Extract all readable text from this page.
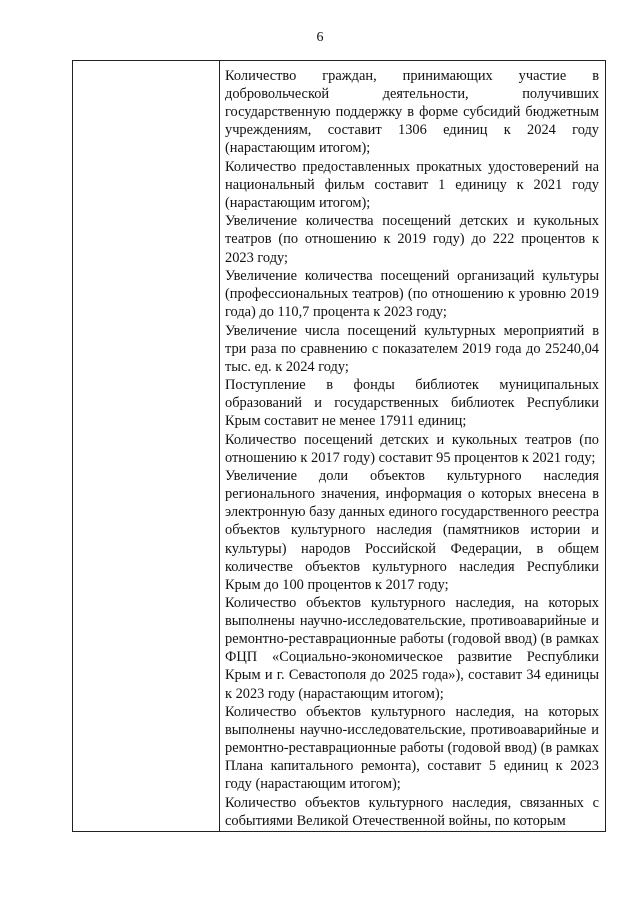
6

Количество граждан, принимающих участие в добровольческой деятельности, получивших государственную поддержку в форме субсидий бюджетным учреждениям, составит 1306 единиц к 2024 году (нарастающим итогом);

Количество предоставленных прокатных удостоверений на национальный фильм составит 1 единицу к 2021 году (нарастающим итогом);

Увеличение количества посещений детских и кукольных театров (по отношению к 2019 году) до 222 процентов к 2023 году;

Увеличение количества посещений организаций культуры (профессиональных театров) (по отношению к уровню 2019 года) до 110,7 процента к 2023 году;

Увеличение числа посещений культурных мероприятий в три раза по сравнению с показателем 2019 года до 25240,04 тыс. ед. к 2024 году;

Поступление в фонды библиотек муниципальных образований и государственных библиотек Республики Крым составит не менее 17911 единиц;

Количество посещений детских и кукольных театров (по отношению к 2017 году) составит 95 процентов к 2021 году;

Увеличение доли объектов культурного наследия регионального значения, информация о которых внесена в электронную базу данных единого государственного реестра объектов культурного наследия (памятников истории и культуры) народов Российской Федерации, в общем количестве объектов культурного наследия Республики Крым до 100 процентов к 2017 году;

Количество объектов культурного наследия, на которых выполнены научно-исследовательские, противоаварийные и ремонтно-реставрационные работы (годовой ввод) (в рамках ФЦП «Социально-экономическое развитие Республики Крым и г. Севастополя до 2025 года»), составит 34 единицы к 2023 году (нарастающим итогом);

Количество объектов культурного наследия, на которых выполнены научно-исследовательские, противоаварийные и ремонтно-реставрационные работы (годовой ввод) (в рамках Плана капитального ремонта), составит 5 единиц к 2023 году (нарастающим итогом);

Количество объектов культурного наследия, связанных с событиями Великой Отечественной войны, по которым
